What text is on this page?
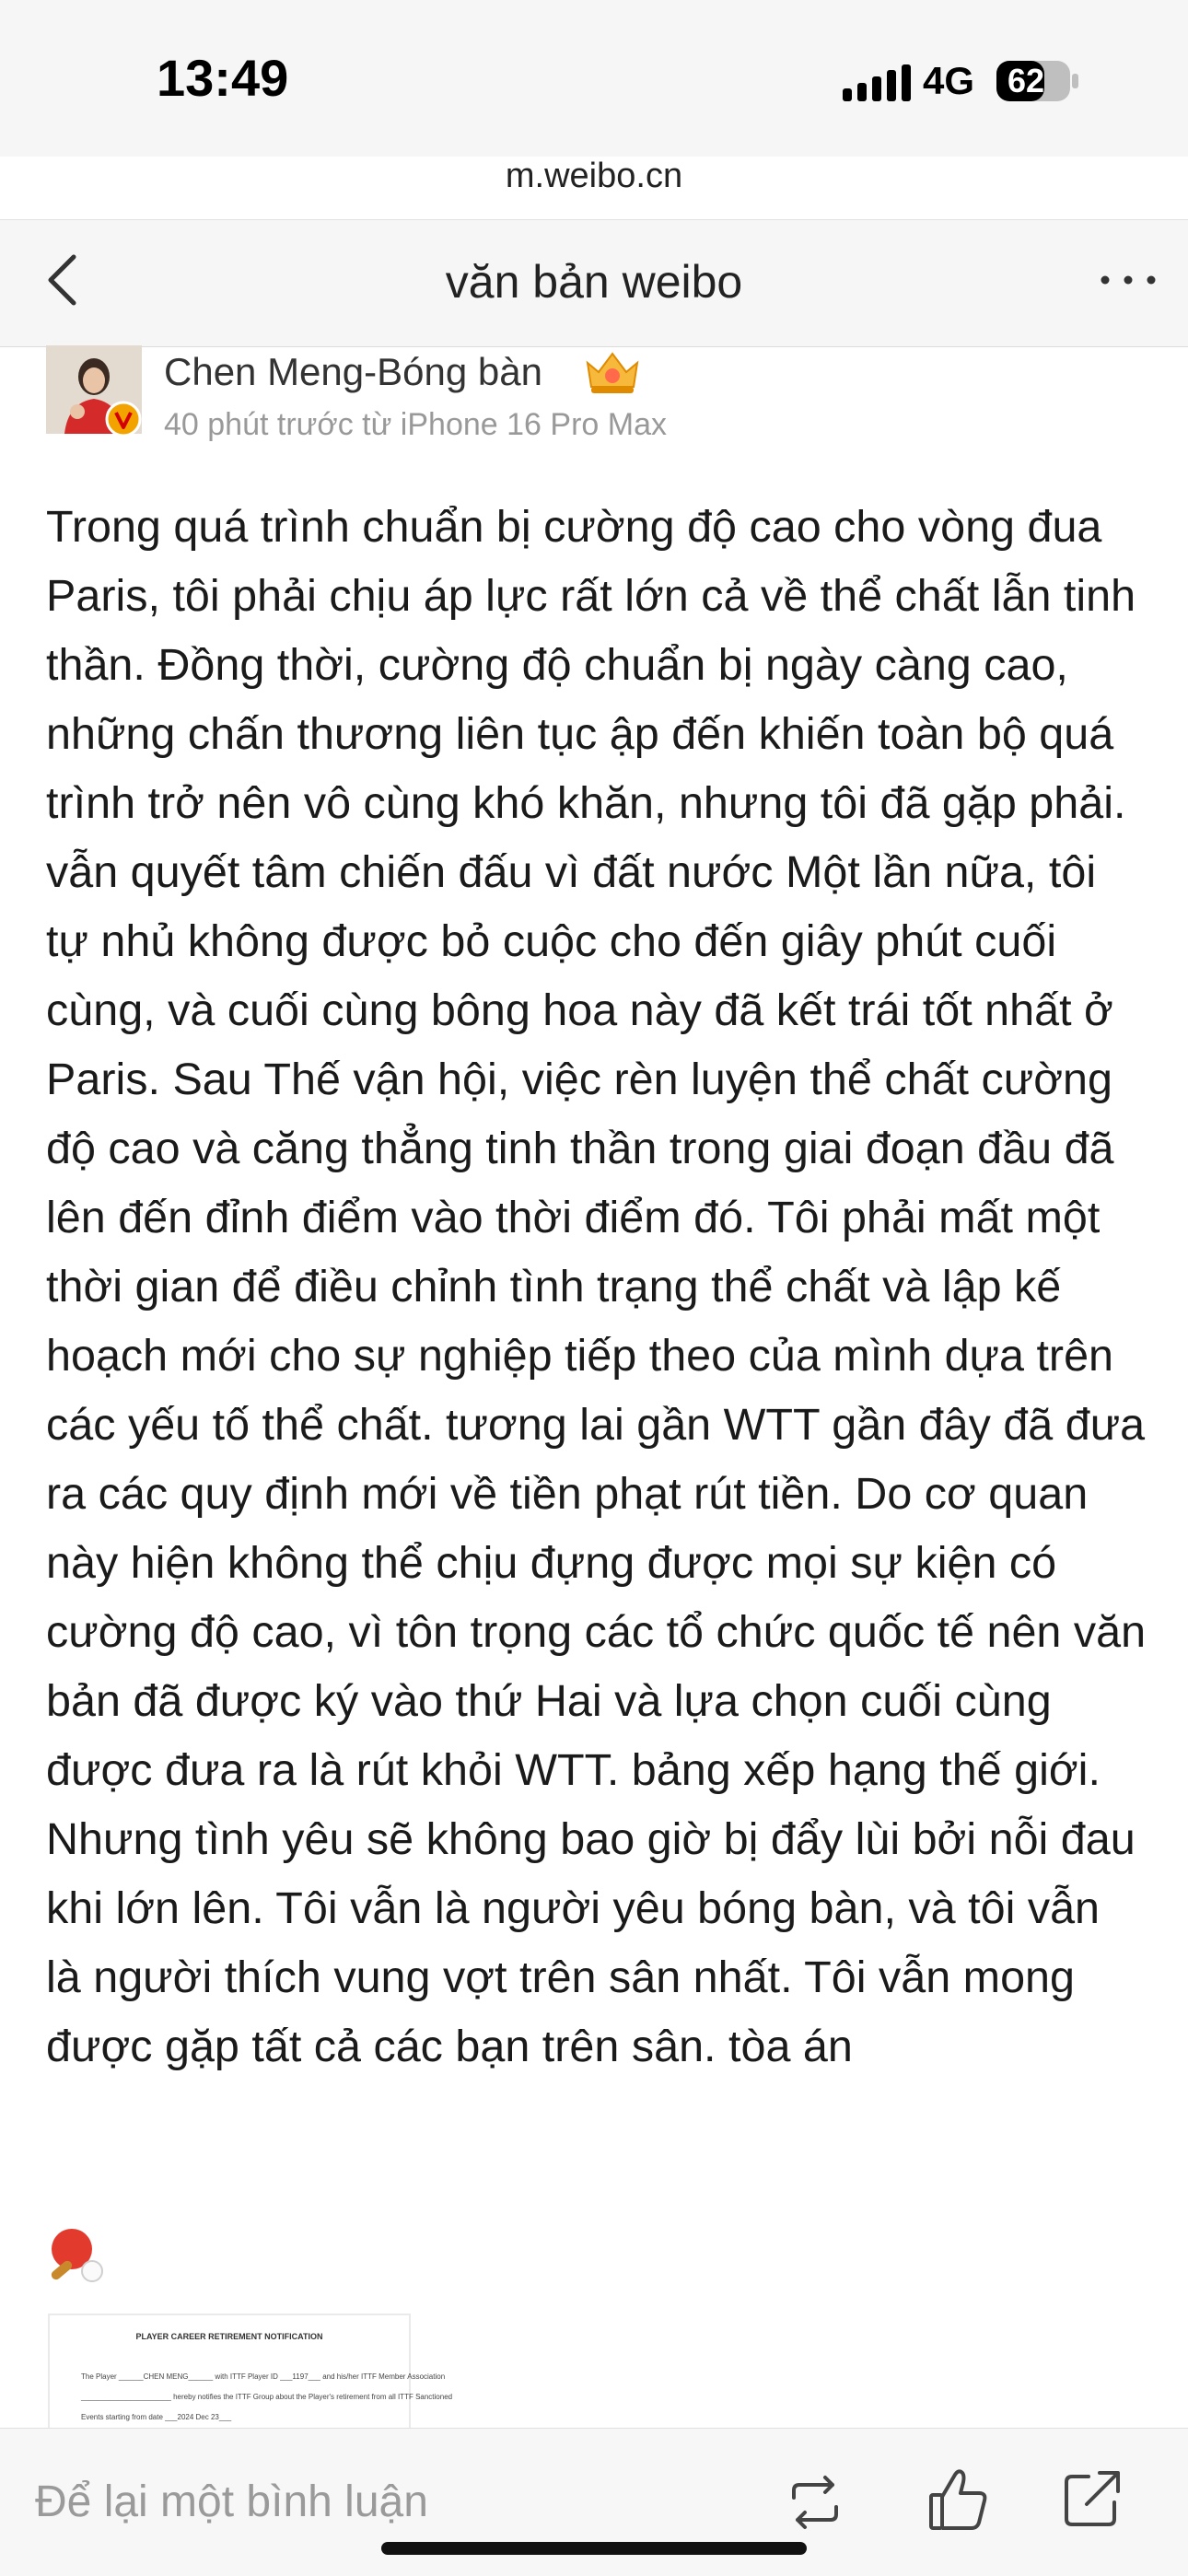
13:49	4G 62
m.weibo.cn
văn bản weibo
Chen Meng-Bóng bàn
40 phút trước từ iPhone 16 Pro Max

Trong quá trình chuẩn bị cường độ cao cho vòng đua Paris, tôi phải chịu áp lực rất lớn cả về thể chất lẫn tinh thần. Đồng thời, cường độ chuẩn bị ngày càng cao, những chấn thương liên tục ập đến khiến toàn bộ quá trình trở nên vô cùng khó khăn, nhưng tôi đã gặp phải. vẫn quyết tâm chiến đấu vì đất nước Một lần nữa, tôi tự nhủ không được bỏ cuộc cho đến giây phút cuối cùng, và cuối cùng bông hoa này đã kết trái tốt nhất ở Paris. Sau Thế vận hội, việc rèn luyện thể chất cường độ cao và căng thẳng tinh thần trong giai đoạn đầu đã lên đến đỉnh điểm vào thời điểm đó. Tôi phải mất một thời gian để điều chỉnh tình trạng thể chất và lập kế hoạch mới cho sự nghiệp tiếp theo của mình dựa trên các yếu tố thể chất. tương lai gần WTT gần đây đã đưa ra các quy định mới về tiền phạt rút tiền. Do cơ quan này hiện không thể chịu đựng được mọi sự kiện có cường độ cao, vì tôn trọng các tổ chức quốc tế nên văn bản đã được ký vào thứ Hai và lựa chọn cuối cùng được đưa ra là rút khỏi WTT. bảng xếp hạng thế giới.
Nhưng tình yêu sẽ không bao giờ bị đẩy lùi bởi nỗi đau khi lớn lên. Tôi vẫn là người yêu bóng bàn, và tôi vẫn là người thích vung vợt trên sân nhất. Tôi vẫn mong được gặp tất cả các bạn trên sân. tòa án

PLAYER CAREER RETIREMENT NOTIFICATION
The Player ______CHEN MENG______ with ITTF Player ID ___1197___ and his/her ITTF Member Association
______________________ hereby notifies the ITTF Group about the Player's retirement from all ITTF Sanctioned
Events starting from date ___2024 Dec 23___
Để lại một bình luận
